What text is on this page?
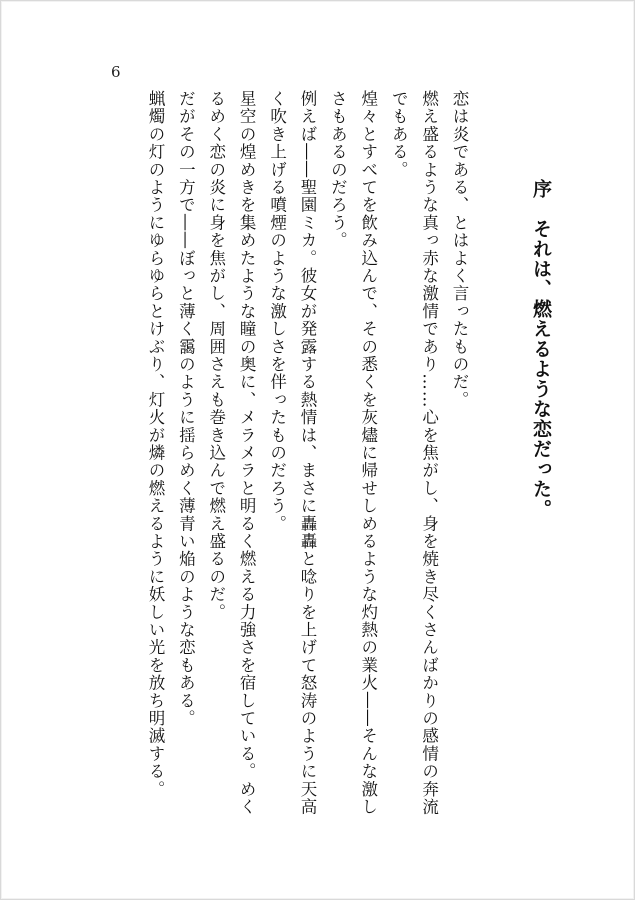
6
序　それは、燃えるような恋だった。

恋は炎である、とはよく言ったものだ。

燃え盛るような真っ赤な激情であり……心を焦がし、身を焼き尽くさんばかりの感情の奔流でもある。

煌々とすべてを飲み込んで、その悉くを灰燼に帰せしめるような灼熱の業火――そんな激しさもあるのだろう。

例えば――聖園ミカ。彼女が発露する熱情は、まさに轟轟と唸りを上げて怒涛のように天高く吹き上げる噴煙のような激しさを伴ったものだろう。

星空の煌めきを集めたような瞳の奥に、メラメラと明るく燃える力強さを宿している。めくるめく恋の炎に身を焦がし、周囲さえも巻き込んで燃え盛るのだ。

だがその一方で――ぼっと薄く靄のように揺らめく薄青い焔のような恋もある。

蝋燭の灯のようにゆらゆらとけぶり、灯火が燐の燃えるように妖しい光を放ち明滅する。
